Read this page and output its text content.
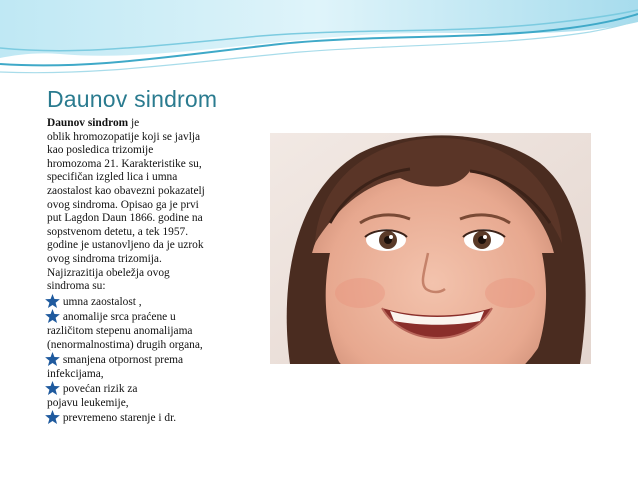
Daunov sindrom
Daunov sindrom je
oblik hromozopatije koji se javlja
kao posledica trizomije
hromozoma 21. Karakteristike su,
specifičan izgled lica i umna
zaostalost kao obavezni pokazatelj
ovog sindroma. Opisao ga je prvi
put Lagdon Daun 1866. godine na
sopstvenom detetu, a tek 1957.
godine je ustanovljeno da je uzrok
ovog sindroma trizomija.
Najizrazitija obeležja ovog
sindroma su:
umna zaostalost ,
anomalije srca praćene u
različitom stepenu anomalijama
(nenormalnostima) drugih organa,
smanjena otpornost prema
infekcijama,
povećan rizik za
pojavu leukemije,
prevremeno starenje i dr.
